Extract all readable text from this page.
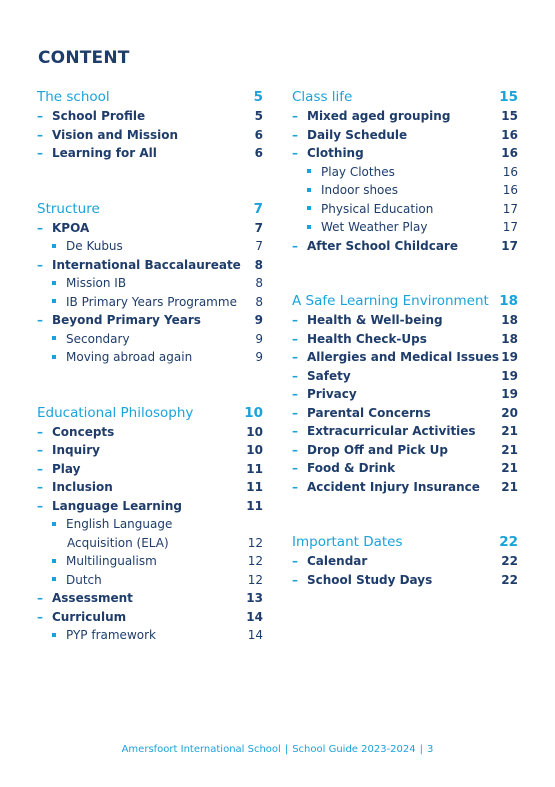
CONTENT
The school	5
– School Profile	5
– Vision and Mission	6
– Learning for All	6
Structure	7
– KPOA	7
De Kubus	7
– International Baccalaureate 8
Mission IB	8
IB Primary Years Programme 8
– Beyond Primary Years	9
Secondary	9
Moving abroad again	9
Educational Philosophy	10
– Concepts	10
– Inquiry	10
– Play	11
– Inclusion	11
– Language Learning	11
English Language
Acquisition (ELA)	12
Multilingualism	12
Dutch	12
– Assessment	13
– Curriculum	14
PYP framework	14
Class life	15
– Mixed aged grouping	15
– Daily Schedule	16
– Clothing	16
Play Clothes	16
Indoor shoes	16
Physical Education	17
Wet Weather Play	17
– After School Childcare	17
A Safe Learning Environment 18
– Health & Well-being	18
– Health Check-Ups	18
– Allergies and Medical Issues 19
– Safety	19
– Privacy	19
– Parental Concerns	20
– Extracurricular Activities 21
– Drop Off and Pick Up	21
– Food & Drink	21
– Accident Injury Insurance 21
Important Dates	22
– Calendar	22
– School Study Days	22
Amersfoort International School | School Guide 2023-2024 | 3
